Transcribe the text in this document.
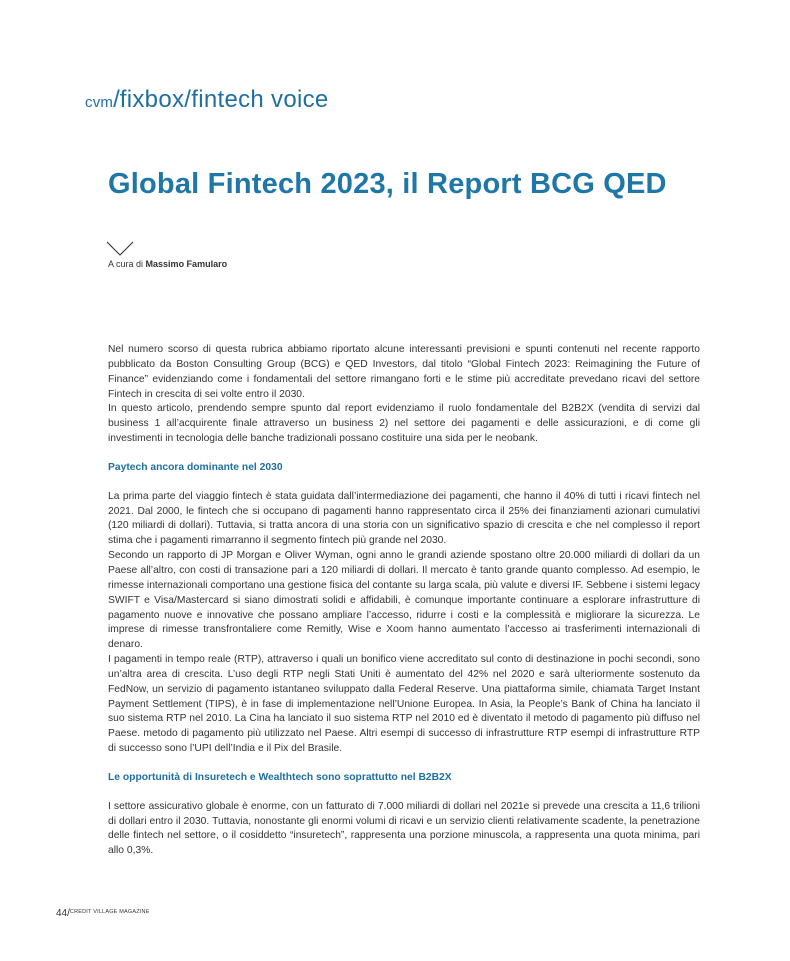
cvm/fixbox/fintech voice
Global Fintech 2023, il Report BCG QED
A cura di Massimo Famularo

Nel numero scorso di questa rubrica abbiamo riportato alcune interessanti previsioni e spunti contenuti nel recente rapporto pubblicato da Boston Consulting Group (BCG) e QED Investors, dal titolo “Global Fintech 2023: Reimagining the Future of Finance” evidenziando come i fondamentali del settore rimangano forti e le stime più accreditate prevedano ricavi del settore Fintech in crescita di sei volte entro il 2030.

In questo articolo, prendendo sempre spunto dal report evidenziamo il ruolo fondamentale del B2B2X (vendita di servizi dal business 1 all’acquirente finale attraverso un business 2) nel settore dei pagamenti e delle assicurazioni, e di come gli investimenti in tecnologia delle banche tradizionali possano costituire una sida per le neobank.

Paytech ancora dominante nel 2030

La prima parte del viaggio fintech è stata guidata dall’intermediazione dei pagamenti, che hanno il 40% di tutti i ricavi fintech nel 2021. Dal 2000, le fintech che si occupano di pagamenti hanno rappresentato circa il 25% dei finanziamenti azionari cumulativi (120 miliardi di dollari). Tuttavia, si tratta ancora di una storia con un significativo spazio di crescita e che nel complesso il report stima che i pagamenti rimarranno il segmento fintech più grande nel 2030.

Secondo un rapporto di JP Morgan e Oliver Wyman, ogni anno le grandi aziende spostano oltre 20.000 miliardi di dollari da un Paese all’altro, con costi di transazione pari a 120 miliardi di dollari. Il mercato è tanto grande quanto complesso. Ad esempio, le rimesse internazionali comportano una gestione fisica del contante su larga scala, più valute e diversi IF. Sebbene i sistemi legacy SWIFT e Visa/Mastercard si siano dimostrati solidi e affidabili, è comunque importante continuare a esplorare infrastrutture di pagamento nuove e innovative che possano ampliare l’accesso, ridurre i costi e la complessità e migliorare la sicurezza. Le imprese di rimesse transfrontaliere come Remitly, Wise e Xoom hanno aumentato l’accesso ai trasferimenti internazionali di denaro.

I pagamenti in tempo reale (RTP), attraverso i quali un bonifico viene accreditato sul conto di destinazione in pochi secondi, sono un’altra area di crescita. L’uso degli RTP negli Stati Uniti è aumentato del 42% nel 2020 e sarà ulteriormente sostenuto da FedNow, un servizio di pagamento istantaneo sviluppato dalla Federal Reserve. Una piattaforma simile, chiamata Target Instant Payment Settlement (TIPS), è in fase di implementazione nell’Unione Europea. In Asia, la People’s Bank of China ha lanciato il suo sistema RTP nel 2010. La Cina ha lanciato il suo sistema RTP nel 2010 ed è diventato il metodo di pagamento più diffuso nel Paese. metodo di pagamento più utilizzato nel Paese. Altri esempi di successo di infrastrutture RTP esempi di infrastrutture RTP di successo sono l’UPI dell’India e il Pix del Brasile.

Le opportunità di Insuretech e Wealthtech sono soprattutto nel B2B2X

I settore assicurativo globale è enorme, con un fatturato di 7.000 miliardi di dollari nel 2021e si prevede una crescita a 11,6 trilioni di dollari entro il 2030. Tuttavia, nonostante gli enormi volumi di ricavi e un servizio clienti relativamente scadente, la penetrazione delle fintech nel settore, o il cosiddetto “insuretech”, rappresenta una porzione minuscola, a rappresenta una quota minima, pari allo 0,3%.

44/CREDIT VILLAGE MAGAZINE
